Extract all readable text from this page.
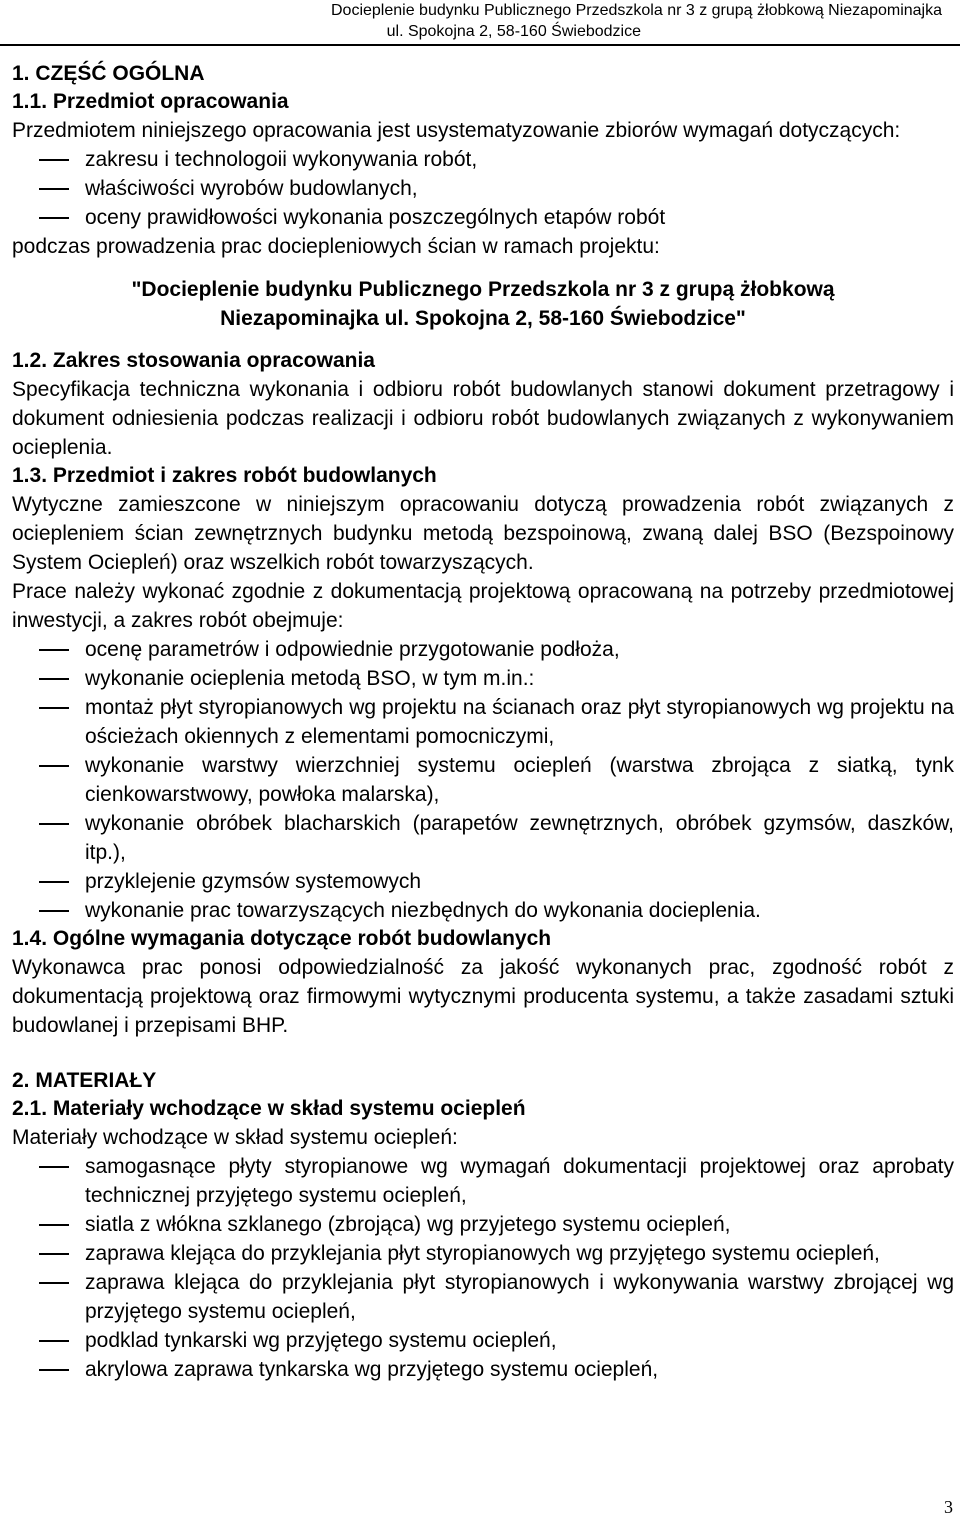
Docieplenie budynku Publicznego Przedszkola nr 3 z grupą żłobkową Niezapominajka
ul. Spokojna 2, 58-160 Świebodzice
1. CZĘŚĆ OGÓLNA
1.1. Przedmiot opracowania

Przedmiotem niniejszego opracowania jest usystematyzowanie zbiorów wymagań dotyczących:

zakresu i technologoii wykonywania robót,
właściwości wyrobów budowlanych,
oceny prawidłowości wykonania poszczególnych etapów robót

podczas prowadzenia prac dociepleniowych ścian w ramach projektu:

"Docieplenie budynku Publicznego Przedszkola nr 3 z grupą żłobkową
Niezapominajka ul. Spokojna 2, 58-160 Świebodzice"
1.2. Zakres stosowania opracowania

Specyfikacja techniczna wykonania i odbioru robót budowlanych stanowi dokument przetragowy i dokument odniesienia podczas realizacji i odbioru robót budowlanych związanych z wykonywaniem ocieplenia.

1.3. Przedmiot i zakres robót budowlanych

Wytyczne zamieszcone w niniejszym opracowaniu dotyczą prowadzenia robót związanych z ociepleniem ścian zewnętrznych budynku metodą bezspoinową, zwaną dalej BSO (Bezspoinowy System Ociepleń) oraz wszelkich robót towarzyszących.

Prace należy wykonać zgodnie z dokumentacją projektową opracowaną na potrzeby przedmiotowej inwestycji, a zakres robót obejmuje:

ocenę parametrów i odpowiednie przygotowanie podłoża,
wykonanie ocieplenia metodą BSO, w tym m.in.:
montaż płyt styropianowych wg projektu na ścianach oraz płyt styropianowych wg projektu na ościeżach okiennych z elementami pomocniczymi,
wykonanie warstwy wierzchniej systemu ociepleń (warstwa zbrojąca z siatką, tynk cienkowarstwowy, powłoka malarska),
wykonanie obróbek blacharskich (parapetów zewnętrznych, obróbek gzymsów, daszków, itp.),
przyklejenie gzymsów systemowych
wykonanie prac towarzyszących niezbędnych do wykonania docieplenia.
1.4. Ogólne wymagania dotyczące robót budowlanych

Wykonawca prac ponosi odpowiedzialność za jakość wykonanych prac, zgodność robót z dokumentacją projektową oraz firmowymi wytycznymi producenta systemu, a także zasadami sztuki budowlanej i przepisami BHP.

2. MATERIAŁY
2.1. Materiały wchodzące w skład systemu ociepleń

Materiały wchodzące w skład systemu ociepleń:

samogasnące płyty styropianowe wg wymagań dokumentacji projektowej oraz aprobaty technicznej przyjętego systemu ociepleń,
siatla z włókna szklanego (zbrojąca) wg przyjetego systemu ociepleń,
zaprawa klejąca do przyklejania płyt styropianowych wg przyjętego systemu ociepleń,
zaprawa klejąca do przyklejania płyt styropianowych i wykonywania warstwy zbrojącej wg przyjętego systemu ociepleń,
podklad tynkarski wg przyjętego systemu ociepleń,
akrylowa zaprawa tynkarska wg przyjętego systemu ociepleń,
3
